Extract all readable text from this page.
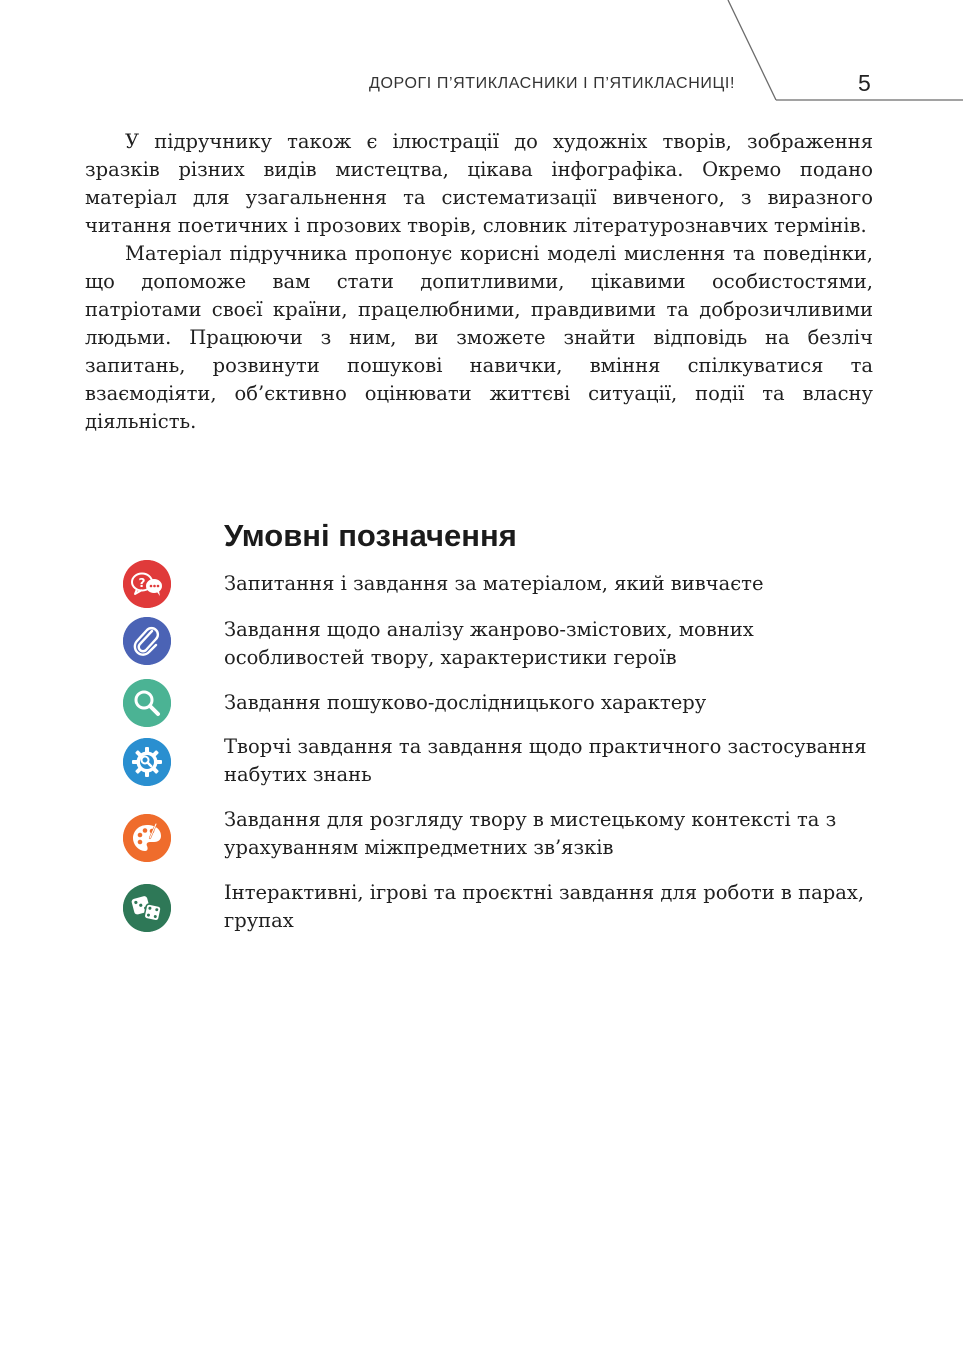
ДОРОГІ П’ЯТИКЛАСНИКИ І П’ЯТИКЛАСНИЦІ!	5

У підручнику також є ілюстрації до художніх творів, зображення зразків різних видів мистецтва, цікава інфографіка. Окремо подано матеріал для узагальнення та систематизації вивченого, з виразного читання поетичних і прозових творів, словник літературознавчих термінів.

Матеріал підручника пропонує корисні моделі мислення та поведінки, що допоможе вам стати допитливими, цікавими особистостями, патріотами своєї країни, працелюбними, правдивими та доброзичливими людьми. Працюючи з ним, ви зможете знайти відповідь на безліч запитань, розвинути пошукові навички, вміння спілкуватися та взаємодіяти, об’єктивно оцінювати життєві ситуації, події та власну діяльність.

Умовні позначення
?	Запитання і завдання за матеріалом, який вивчаєте
Завдання щодо аналізу жанрово-змістових, мовних особливостей твору, характеристики героїв
Завдання пошуково-дослідницького характеру
Творчі завдання та завдання щодо практичного застосування набутих знань
Завдання для розгляду твору в мистецькому контексті та з урахуванням міжпредметних зв’язків
Інтерактивні, ігрові та проєктні завдання для роботи в парах, групах
